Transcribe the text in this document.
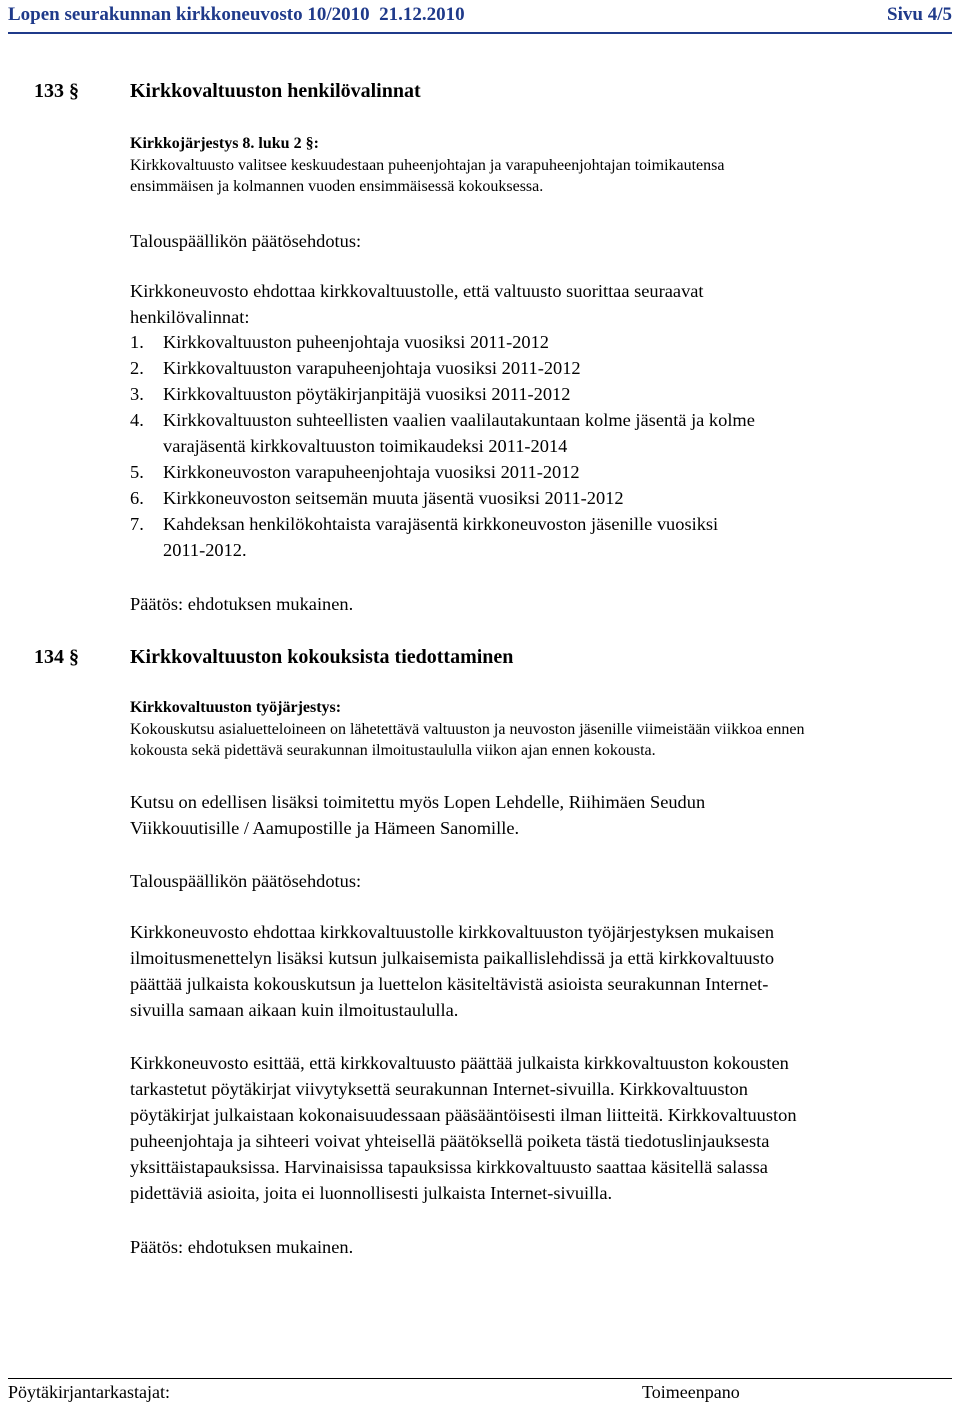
Lopen seurakunnan kirkkoneuvosto 10/2010 21.12.2010	Sivu 4/5
133 §	Kirkkovaltuuston henkilövalinnat
Kirkkojärjestys 8. luku 2 §:
Kirkkovaltuusto valitsee keskuudestaan puheenjohtajan ja varapuheenjohtajan toimikautensa
ensimmäisen ja kolmannen vuoden ensimmäisessä kokouksessa.
Talouspäällikön päätösehdotus:
Kirkkoneuvosto ehdottaa kirkkovaltuustolle, että valtuusto suorittaa seuraavat
henkilövalinnat:
1. Kirkkovaltuuston puheenjohtaja vuosiksi 2011-2012
2. Kirkkovaltuuston varapuheenjohtaja vuosiksi 2011-2012
3. Kirkkovaltuuston pöytäkirjanpitäjä vuosiksi 2011-2012
4. Kirkkovaltuuston suhteellisten vaalien vaalilautakuntaan kolme jäsentä ja kolme
varajäsentä kirkkovaltuuston toimikaudeksi 2011-2014
5. Kirkkoneuvoston varapuheenjohtaja vuosiksi 2011-2012
6. Kirkkoneuvoston seitsemän muuta jäsentä vuosiksi 2011-2012
7. Kahdeksan henkilökohtaista varajäsentä kirkkoneuvoston jäsenille vuosiksi
2011-2012.
Päätös: ehdotuksen mukainen.
134 §	Kirkkovaltuuston kokouksista tiedottaminen
Kirkkovaltuuston työjärjestys:
Kokouskutsu asialuetteloineen on lähetettävä valtuuston ja neuvoston jäsenille viimeistään viikkoa ennen
kokousta sekä pidettävä seurakunnan ilmoitustaululla viikon ajan ennen kokousta.
Kutsu on edellisen lisäksi toimitettu myös Lopen Lehdelle, Riihimäen Seudun
Viikkouutisille / Aamupostille ja Hämeen Sanomille.
Talouspäällikön päätösehdotus:
Kirkkoneuvosto ehdottaa kirkkovaltuustolle kirkkovaltuuston työjärjestyksen mukaisen
ilmoitusmenettelyn lisäksi kutsun julkaisemista paikallislehdissä ja että kirkkovaltuusto
päättää julkaista kokouskutsun ja luettelon käsiteltävistä asioista seurakunnan Internet-
sivuilla samaan aikaan kuin ilmoitustaululla.
Kirkkoneuvosto esittää, että kirkkovaltuusto päättää julkaista kirkkovaltuuston kokousten
tarkastetut pöytäkirjat viivytyksettä seurakunnan Internet-sivuilla. Kirkkovaltuuston
pöytäkirjat julkaistaan kokonaisuudessaan pääsääntöisesti ilman liitteitä. Kirkkovaltuuston
puheenjohtaja ja sihteeri voivat yhteisellä päätöksellä poiketa tästä tiedotuslinjauksesta
yksittäistapauksissa. Harvinaisissa tapauksissa kirkkovaltuusto saattaa käsitellä salassa
pidettäviä asioita, joita ei luonnollisesti julkaista Internet-sivuilla.
Päätös: ehdotuksen mukainen.
Pöytäkirjantarkastajat:	Toimeenpano
